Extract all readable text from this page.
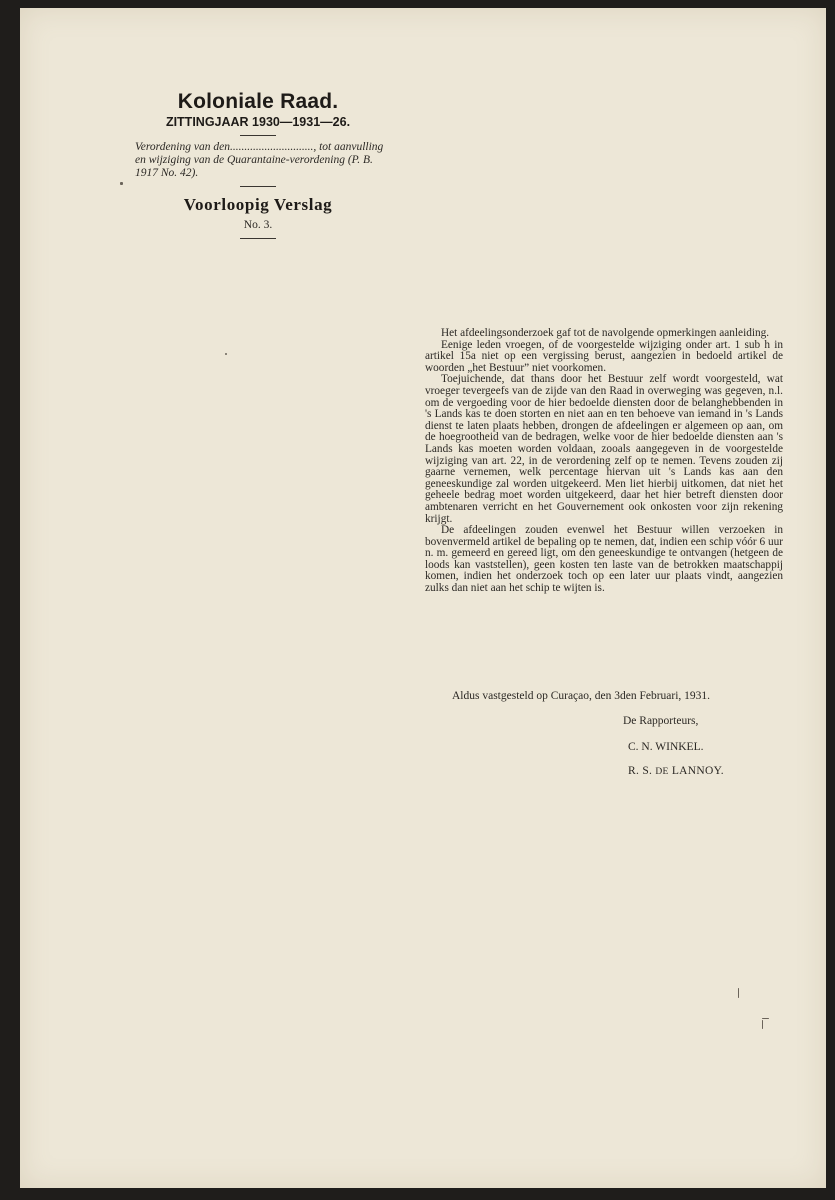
Koloniale Raad.
ZITTINGJAAR 1930—1931—26.
Verordening van den............................., tot aanvulling en wijziging van de Quarantaine-verordening (P. B. 1917 No. 42).
Voorloopig Verslag
No. 3.

Het afdeelingsonderzoek gaf tot de navolgende opmerkingen aanleiding.

Eenige leden vroegen, of de voorgestelde wijziging onder art. 1 sub h in artikel 15a niet op een vergissing berust, aangezien in bedoeld artikel de woorden „het Bestuur” niet voorkomen.

Toejuichende, dat thans door het Bestuur zelf wordt voorgesteld, wat vroeger tevergeefs van de zijde van den Raad in overweging was gegeven, n.l. om de vergoeding voor de hier bedoelde diensten door de belanghebbenden in 's Lands kas te doen storten en niet aan en ten behoeve van iemand in 's Lands dienst te laten plaats hebben, drongen de afdeelingen er algemeen op aan, om de hoegrootheid van de bedragen, welke voor de hier bedoelde diensten aan 's Lands kas moeten worden voldaan, zooals aangegeven in de voorgestelde wijziging van art. 22, in de verordening zelf op te nemen. Tevens zouden zij gaarne vernemen, welk percentage hiervan uit 's Lands kas aan den geneeskundige zal worden uitgekeerd. Men liet hierbij uitkomen, dat niet het geheele bedrag moet worden uitgekeerd, daar het hier betreft diensten door ambtenaren verricht en het Gouvernement ook onkosten voor zijn rekening krijgt.

De afdeelingen zouden evenwel het Bestuur willen verzoeken in bovenvermeld artikel de bepaling op te nemen, dat, indien een schip vóór 6 uur n. m. gemeerd en gereed ligt, om den geneeskundige te ontvangen (hetgeen de loods kan vaststellen), geen kosten ten laste van de betrokken maatschappij komen, indien het onderzoek toch op een later uur plaats vindt, aangezien zulks dan niet aan het schip te wijten is.

Aldus vastgesteld op Curaçao, den 3den Februari, 1931.
De Rapporteurs,
C. N. WINKEL.
R. S. DE LANNOY.
